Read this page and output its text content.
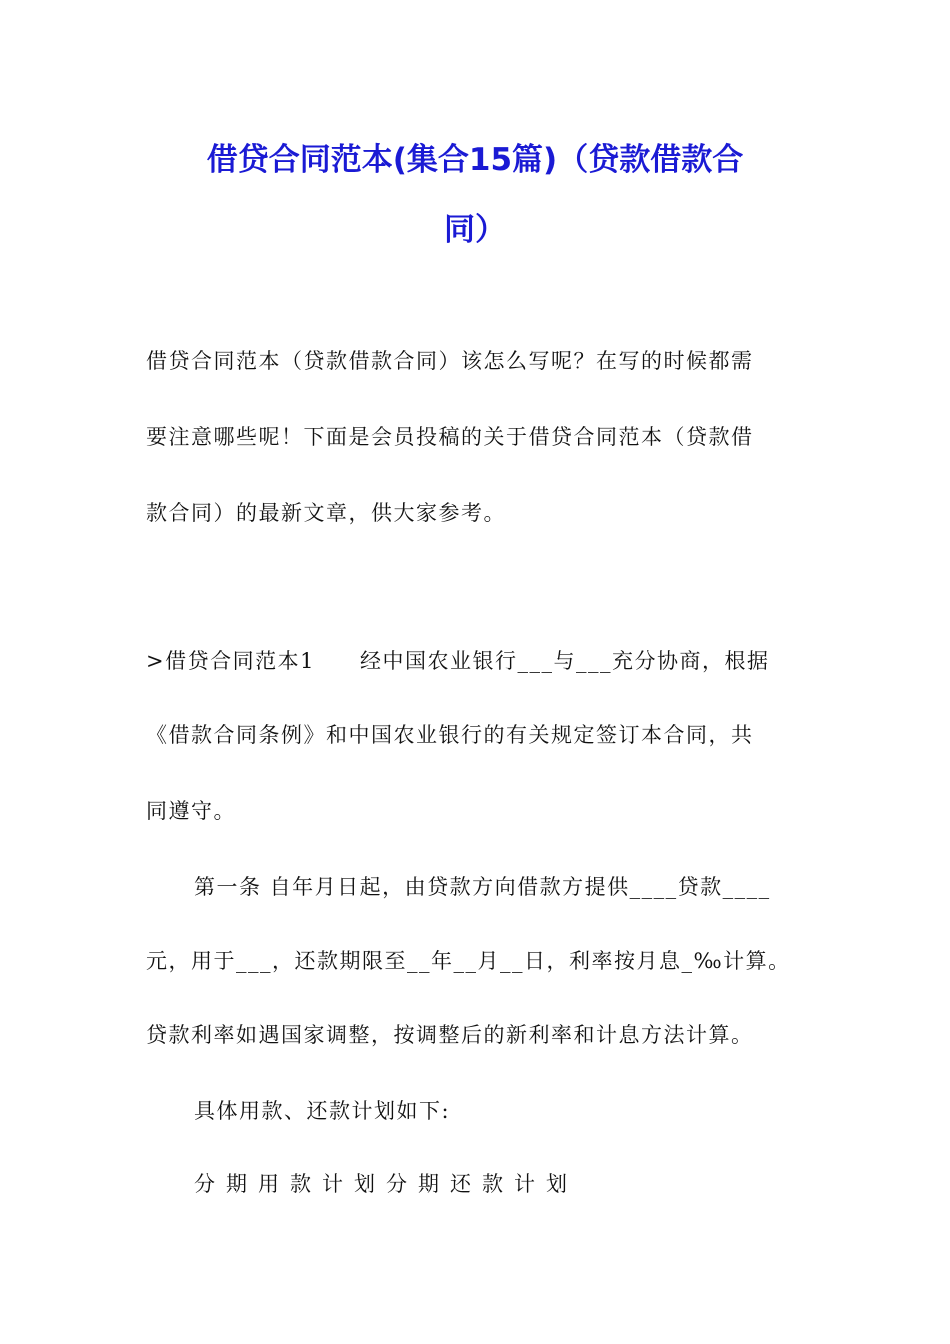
借贷合同范本(集合15篇)（贷款借款合
同）

借贷合同范本（贷款借款合同）该怎么写呢？在写的时候都需

要注意哪些呢！下面是会员投稿的关于借贷合同范本（贷款借

款合同）的最新文章，供大家参考。

>借贷合同范本1　　经中国农业银行___与___充分协商，根据

《借款合同条例》和中国农业银行的有关规定签订本合同，共

同遵守。

第一条 自年月日起，由贷款方向借款方提供____贷款____

元，用于___，还款期限至__年__月__日，利率按月息_‰计算。

贷款利率如遇国家调整，按调整后的新利率和计息方法计算。

具体用款、还款计划如下:

分期用款计划分期还款计划
